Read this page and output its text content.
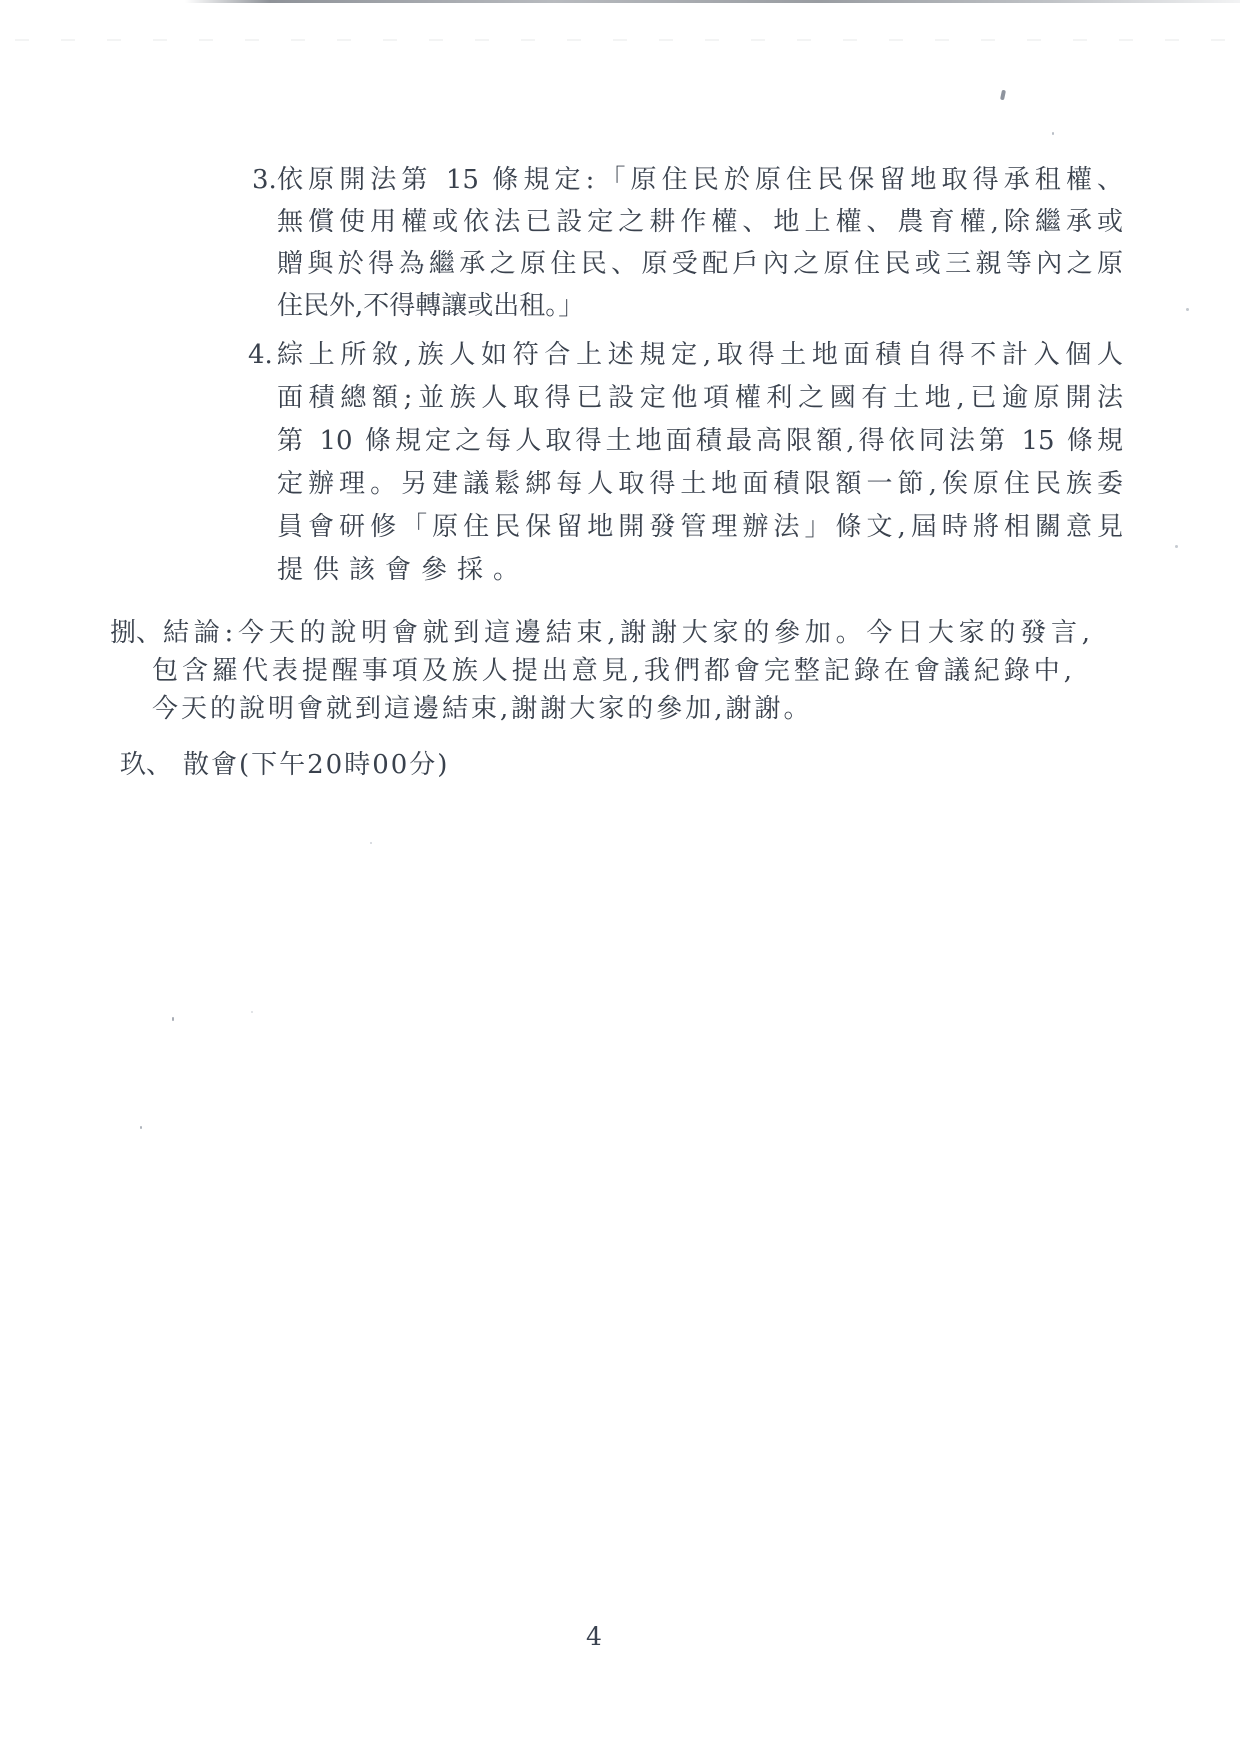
3. 依原開法第 15 條規定:「原住民於原住民保留地取得承租權、
無償使用權或依法已設定之耕作權、地上權、農育權,除繼承或
贈與於得為繼承之原住民、原受配戶內之原住民或三親等內之原
住民外,不得轉讓或出租。」
4. 綜上所敘,族人如符合上述規定,取得土地面積自得不計入個人
面積總額;並族人取得已設定他項權利之國有土地,已逾原開法
第 10 條規定之每人取得土地面積最高限額,得依同法第 15 條規
定辦理。另建議鬆綁每人取得土地面積限額一節,俟原住民族委
員會研修「原住民保留地開發管理辦法」條文,屆時將相關意見
提供該會參採。
捌、 結論:今天的說明會就到這邊結束,謝謝大家的參加。今日大家的發言,
包含羅代表提醒事項及族人提出意見,我們都會完整記錄在會議紀錄中,
今天的說明會就到這邊結束,謝謝大家的參加,謝謝。
玖、 散會(下午20時00分)
4
